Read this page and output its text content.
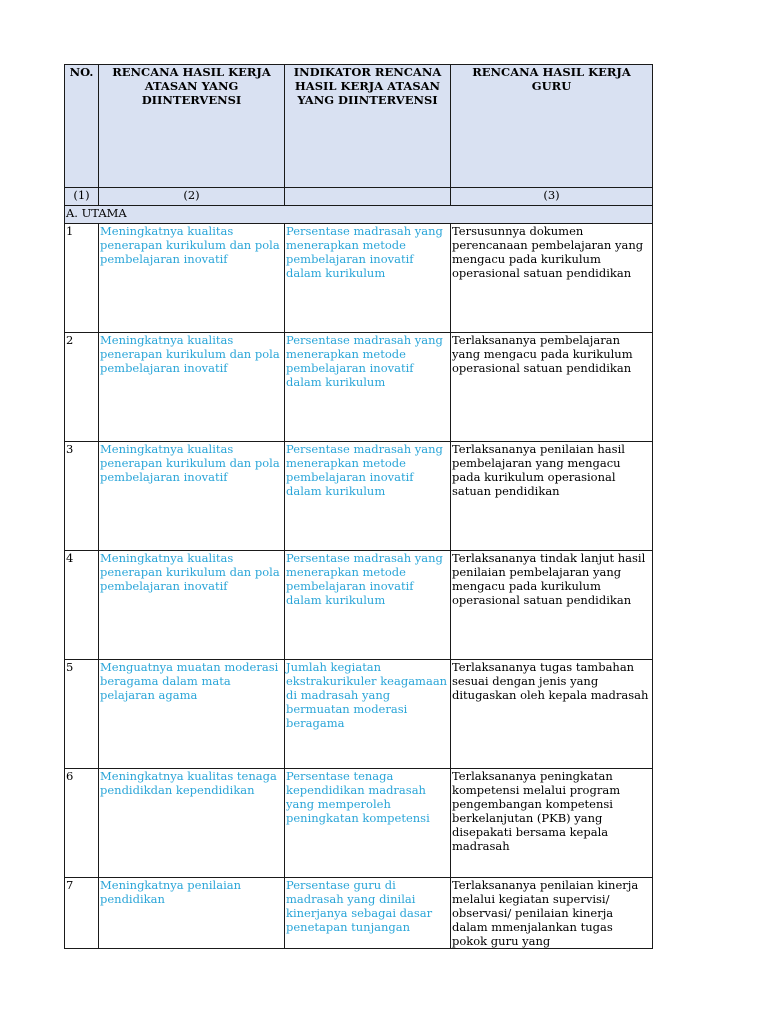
NO.	RENCANA HASIL KERJA ATASAN YANG DIINTERVENSI	INDIKATOR RENCANA HASIL KERJA ATASAN YANG DIINTERVENSI	RENCANA HASIL KERJA GURU
(1)	(2)		(3)
A. UTAMA			
1	Meningkatnya kualitas penerapan kurikulum dan pola pembelajaran inovatif	Persentase madrasah yang menerapkan metode pembelajaran inovatif dalam kurikulum	Tersusunnya dokumen perencanaan pembelajaran yang mengacu pada kurikulum operasional satuan pendidikan
2	Meningkatnya kualitas penerapan kurikulum dan pola pembelajaran inovatif	Persentase madrasah yang menerapkan metode pembelajaran inovatif dalam kurikulum	Terlaksananya pembelajaran yang mengacu pada kurikulum operasional satuan pendidikan
3	Meningkatnya kualitas penerapan kurikulum dan pola pembelajaran inovatif	Persentase madrasah yang menerapkan metode pembelajaran inovatif dalam kurikulum	Terlaksananya penilaian hasil pembelajaran yang mengacu pada kurikulum operasional satuan pendidikan
4	Meningkatnya kualitas penerapan kurikulum dan pola pembelajaran inovatif	Persentase madrasah yang menerapkan metode pembelajaran inovatif dalam kurikulum	Terlaksananya tindak lanjut hasil penilaian pembelajaran yang mengacu pada kurikulum operasional satuan pendidikan
5	Menguatnya muatan moderasi beragama dalam mata pelajaran agama	Jumlah kegiatan ekstrakurikuler keagamaan di madrasah yang bermuatan moderasi beragama	Terlaksananya tugas tambahan sesuai dengan jenis yang ditugaskan oleh kepala madrasah
6	Meningkatnya kualitas tenaga pendidikdan kependidikan	Persentase tenaga kependidikan madrasah yang memperoleh peningkatan kompetensi	Terlaksananya peningkatan kompetensi melalui program pengembangan kompetensi berkelanjutan (PKB) yang disepakati bersama kepala madrasah
7	Meningkatnya penilaian pendidikan	Persentase guru di madrasah yang dinilai kinerjanya sebagai dasar penetapan tunjangan	Terlaksananya penilaian kinerja melalui kegiatan supervisi/ observasi/ penilaian kinerja dalam mmenjalankan tugas pokok guru yang
